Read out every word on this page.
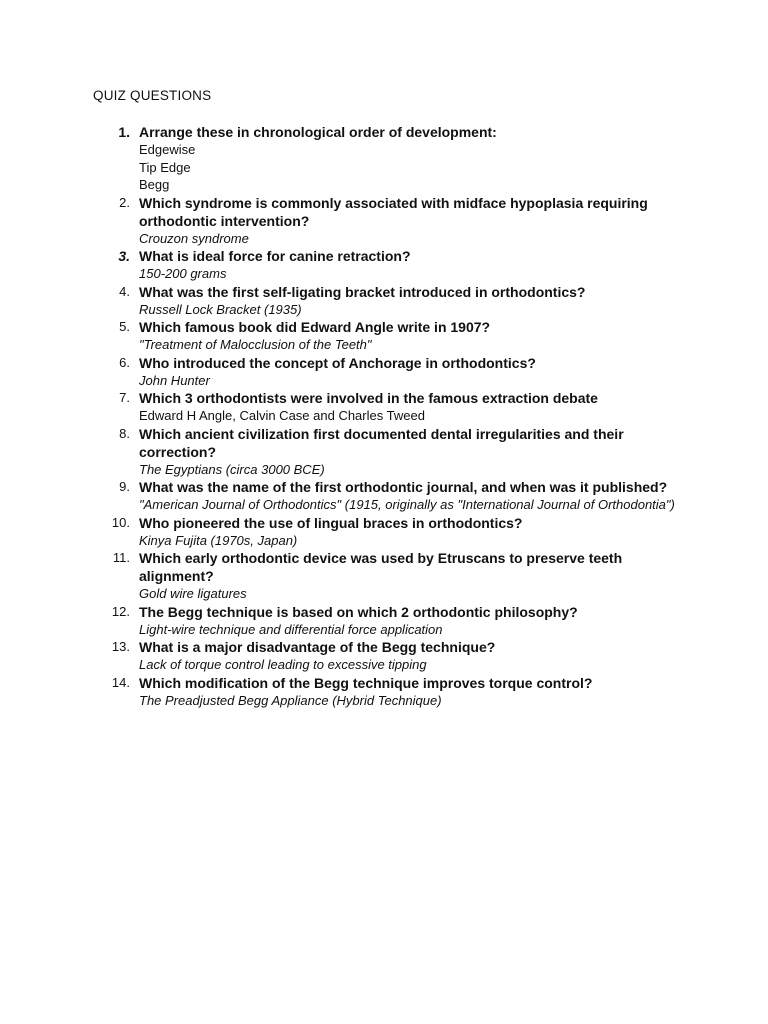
QUIZ QUESTIONS
1. Arrange these in chronological order of development:
Edgewise
Tip Edge
Begg
2. Which syndrome is commonly associated with midface hypoplasia requiring orthodontic intervention?
Crouzon syndrome
3. What is ideal force for canine retraction?
150-200 grams
4. What was the first self-ligating bracket introduced in orthodontics?
Russell Lock Bracket (1935)
5. Which famous book did Edward Angle write in 1907?
"Treatment of Malocclusion of the Teeth"
6. Who introduced the concept of Anchorage in orthodontics?
John Hunter
7. Which 3 orthodontists were involved in the famous extraction debate
Edward H Angle, Calvin Case and Charles Tweed
8. Which ancient civilization first documented dental irregularities and their correction?
The Egyptians (circa 3000 BCE)
9. What was the name of the first orthodontic journal, and when was it published?
"American Journal of Orthodontics" (1915, originally as "International Journal of Orthodontia")
10. Who pioneered the use of lingual braces in orthodontics?
Kinya Fujita (1970s, Japan)
11. Which early orthodontic device was used by Etruscans to preserve teeth alignment?
Gold wire ligatures
12. The Begg technique is based on which 2 orthodontic philosophy?
Light-wire technique and differential force application
13. What is a major disadvantage of the Begg technique?
Lack of torque control leading to excessive tipping
14. Which modification of the Begg technique improves torque control?
The Preadjusted Begg Appliance (Hybrid Technique)
